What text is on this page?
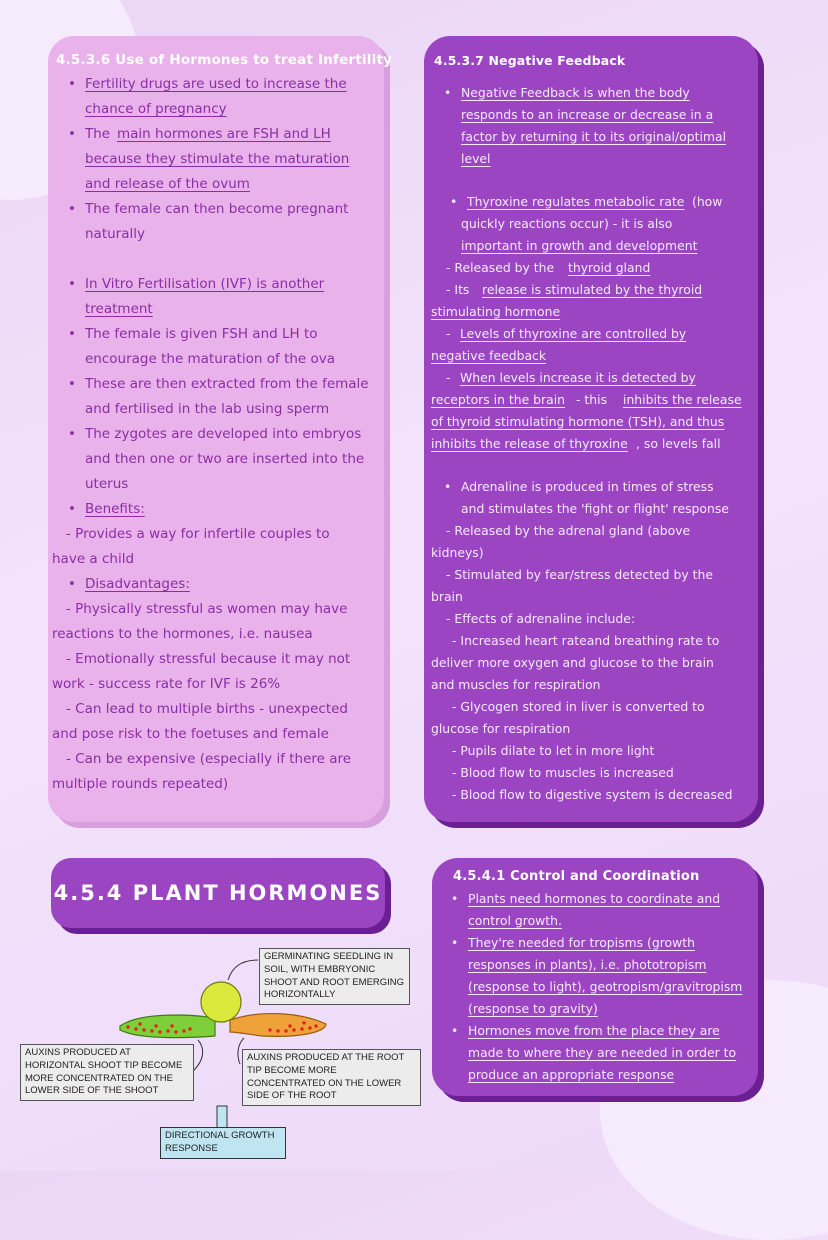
4.5.3.6 Use of Hormones to treat Infertility
• Fertility drugs are used to increase the
chance of pregnancy
• The main hormones are FSH and LH
because they stimulate the maturation
and release of the ovum
• The female can then become pregnant
naturally
• In Vitro Fertilisation (IVF) is another
treatment
• The female is given FSH and LH to
encourage the maturation of the ova
• These are then extracted from the female
and fertilised in the lab using sperm
• The zygotes are developed into embryos
and then one or two are inserted into the
uterus
• Benefits:
- Provides a way for infertile couples to
have a child
• Disadvantages:
- Physically stressful as women may have
reactions to the hormones, i.e. nausea
- Emotionally stressful because it may not
work - success rate for IVF is 26%
- Can lead to multiple births - unexpected
and pose risk to the foetuses and female
- Can be expensive (especially if there are
multiple rounds repeated)
4.5.3.7 Negative Feedback
• Negative Feedback is when the body
responds to an increase or decrease in a
factor by returning it to its original/optimal
level
• Thyroxine regulates metabolic rate (how
quickly reactions occur) - it is also
important in growth and development
- Released by the thyroid gland
- Its release is stimulated by the thyroid
stimulating hormone
- Levels of thyroxine are controlled by
negative feedback
- When levels increase it is detected by
receptors in the brain - this inhibits the release
of thyroid stimulating hormone (TSH), and thus
inhibits the release of thyroxine , so levels fall
• Adrenaline is produced in times of stress
and stimulates the 'fight or flight' response
- Released by the adrenal gland (above
kidneys)
- Stimulated by fear/stress detected by the
brain
- Effects of adrenaline include:
- Increased heart rateand breathing rate to
deliver more oxygen and glucose to the brain
and muscles for respiration
- Glycogen stored in liver is converted to
glucose for respiration
- Pupils dilate to let in more light
- Blood flow to muscles is increased
- Blood flow to digestive system is decreased
4.5.4 PLANT HORMONES
4.5.4.1 Control and Coordination
• Plants need hormones to coordinate and
control growth.
• They're needed for tropisms (growth
responses in plants), i.e. phototropism
(response to light), geotropism/gravitropism
(response to gravity)
• Hormones move from the place they are
made to where they are needed in order to
produce an appropriate response
GERMINATING SEEDLING IN SOIL, WITH EMBRYONIC SHOOT AND ROOT EMERGING HORIZONTALLY
AUXINS PRODUCED AT HORIZONTAL SHOOT TIP BECOME MORE CONCENTRATED ON THE LOWER SIDE OF THE SHOOT
AUXINS PRODUCED AT THE ROOT TIP BECOME MORE CONCENTRATED ON THE LOWER SIDE OF THE ROOT
DIRECTIONAL GROWTH RESPONSE
